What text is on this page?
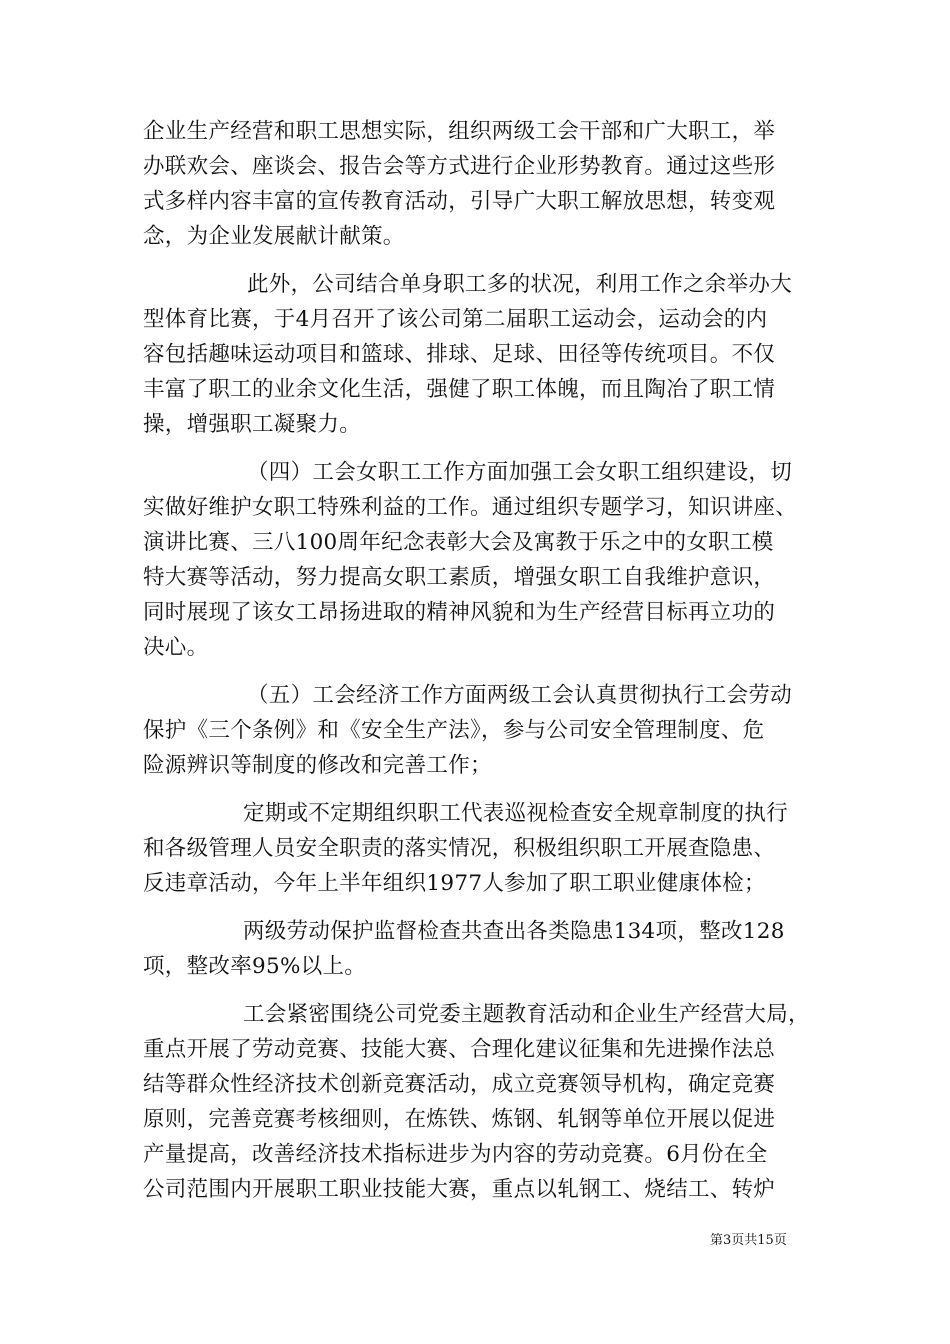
企业生产经营和职工思想实际，组织两级工会干部和广大职工，举
办联欢会、座谈会、报告会等方式进行企业形势教育。通过这些形
式多样内容丰富的宣传教育活动，引导广大职工解放思想，转变观
念，为企业发展献计献策。
此外，公司结合单身职工多的状况，利用工作之余举办大
型体育比赛，于4月召开了该公司第二届职工运动会，运动会的内
容包括趣味运动项目和篮球、排球、足球、田径等传统项目。不仅
丰富了职工的业余文化生活，强健了职工体魄，而且陶冶了职工情
操，增强职工凝聚力。
（四）工会女职工工作方面加强工会女职工组织建设，切
实做好维护女职工特殊利益的工作。通过组织专题学习，知识讲座、
演讲比赛、三八100周年纪念表彰大会及寓教于乐之中的女职工模
特大赛等活动，努力提高女职工素质，增强女职工自我维护意识，
同时展现了该女工昂扬进取的精神风貌和为生产经营目标再立功的
决心。
（五）工会经济工作方面两级工会认真贯彻执行工会劳动
保护《三个条例》和《安全生产法》，参与公司安全管理制度、危
险源辨识等制度的修改和完善工作；
定期或不定期组织职工代表巡视检查安全规章制度的执行
和各级管理人员安全职责的落实情况，积极组织职工开展查隐患、
反违章活动，今年上半年组织1977人参加了职工职业健康体检；
两级劳动保护监督检查共查出各类隐患134项，整改128
项，整改率95%以上。
工会紧密围绕公司党委主题教育活动和企业生产经营大局，
重点开展了劳动竞赛、技能大赛、合理化建议征集和先进操作法总
结等群众性经济技术创新竞赛活动，成立竞赛领导机构，确定竞赛
原则，完善竞赛考核细则，在炼铁、炼钢、轧钢等单位开展以促进
产量提高，改善经济技术指标进步为内容的劳动竞赛。6月份在全
公司范围内开展职工职业技能大赛，重点以轧钢工、烧结工、转炉
第3页共15页
